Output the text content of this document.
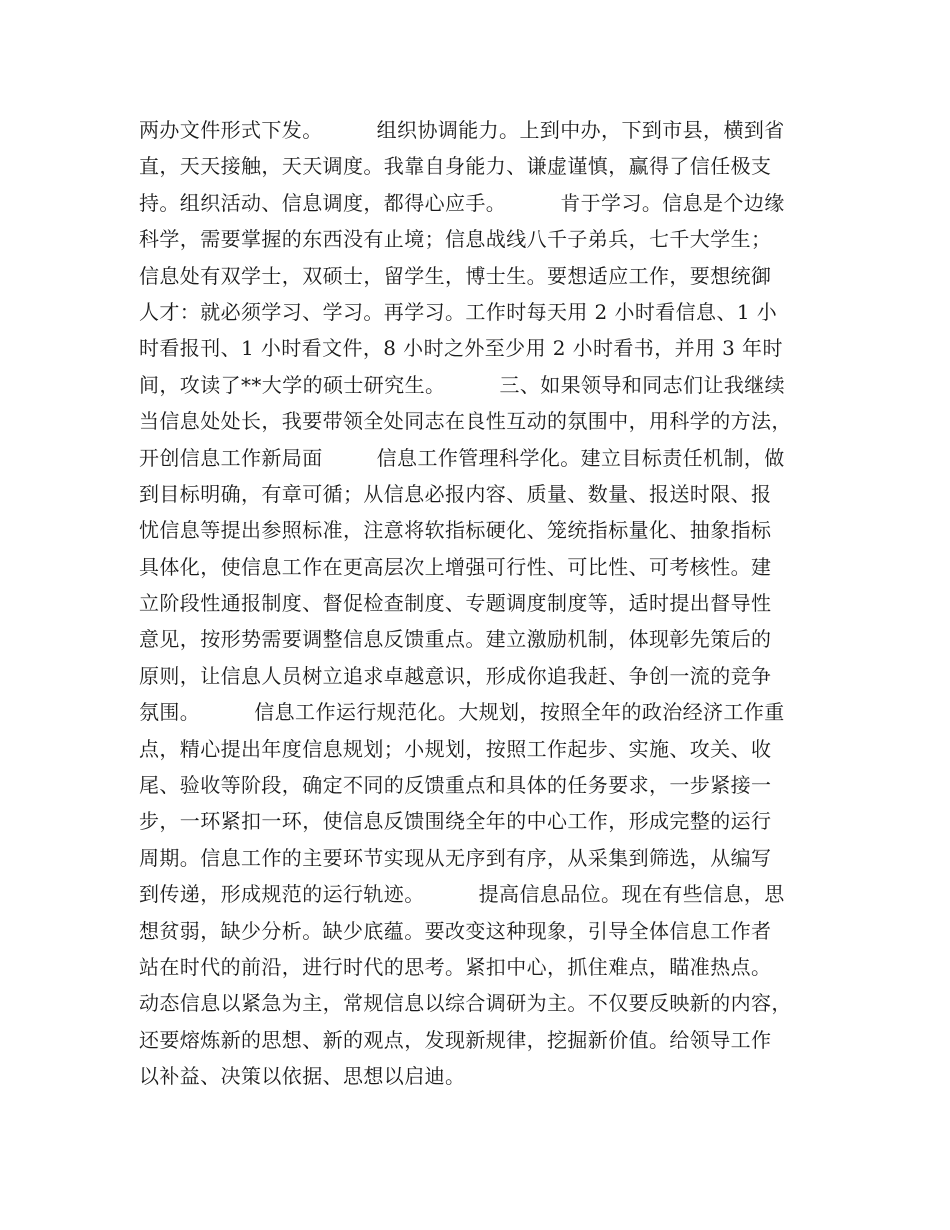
两办文件形式下发。        组织协调能力。上到中办，下到市县，横到省
直，天天接触，天天调度。我靠自身能力、谦虚谨慎，赢得了信任极支
持。组织活动、信息调度，都得心应手。        肯于学习。信息是个边缘
科学，需要掌握的东西没有止境；信息战线八千子弟兵，七千大学生；
信息处有双学士，双硕士，留学生，博士生。要想适应工作，要想统御
人才：就必须学习、学习。再学习。工作时每天用 2 小时看信息、1 小
时看报刊、1 小时看文件，8 小时之外至少用 2 小时看书，并用 3 年时
间，攻读了**大学的硕士研究生。        三、如果领导和同志们让我继续
当信息处处长，我要带领全处同志在良性互动的氛围中，用科学的方法，
开创信息工作新局面        信息工作管理科学化。建立目标责任机制，做
到目标明确，有章可循；从信息必报内容、质量、数量、报送时限、报
忧信息等提出参照标准，注意将软指标硬化、笼统指标量化、抽象指标
具体化，使信息工作在更高层次上增强可行性、可比性、可考核性。建
立阶段性通报制度、督促检查制度、专题调度制度等，适时提出督导性
意见，按形势需要调整信息反馈重点。建立激励机制，体现彰先策后的
原则，让信息人员树立追求卓越意识，形成你追我赶、争创一流的竞争
氛围。        信息工作运行规范化。大规划，按照全年的政治经济工作重
点，精心提出年度信息规划；小规划，按照工作起步、实施、攻关、收
尾、验收等阶段，确定不同的反馈重点和具体的任务要求，一步紧接一
步，一环紧扣一环，使信息反馈围绕全年的中心工作，形成完整的运行
周期。信息工作的主要环节实现从无序到有序，从采集到筛选，从编写
到传递，形成规范的运行轨迹。        提高信息品位。现在有些信息，思
想贫弱，缺少分析。缺少底蕴。要改变这种现象，引导全体信息工作者
站在时代的前沿，进行时代的思考。紧扣中心，抓住难点，瞄准热点。
动态信息以紧急为主，常规信息以综合调研为主。不仅要反映新的内容，
还要熔炼新的思想、新的观点，发现新规律，挖掘新价值。给领导工作
以补益、决策以依据、思想以启迪。
